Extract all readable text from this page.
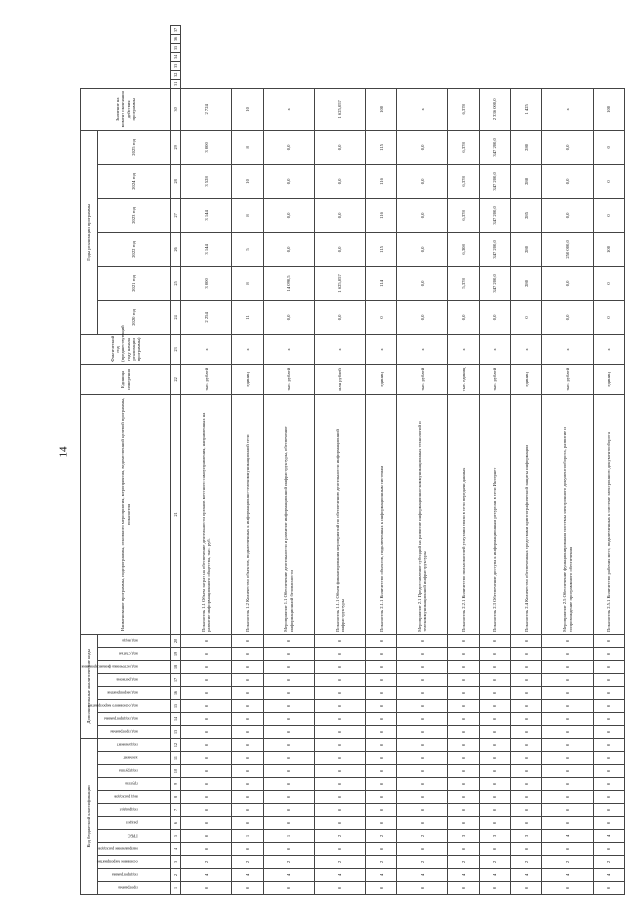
14
Код бюджетной классификации												Дополнительные аналитические коды								Наименование программы, подпрограммы, основного мероприятия, мероприятия, ведомственной целевой программы, показателя	Единица измерения	Фактический год (предшествующий году начала реализации программы)	Годы реализации программы						Значение на момент окончания действия программы							

программа	подпрограмма	основное мероприятие	направление расходов	ГРБС	раздел	подраздел	вид расходов	группа	подгруппа	элемент	подэлемент	код программы	код подпрограммы	код основного мероприятия	код мероприятия	код региона	код источника финансирования	код статьи	код вида				2020 год	2021 год	2022 год	2023 год	2024 год	2025 год								
1	2	3	4	5	6	7	8	9	10	11	12	13	14	15	16	17	18	19	20	21	22	23	24	25	26	27	28	29	30	31	32	33	34	35	36	37
0	4	2	0	0	0	0	0	0	0	0	0	0	0	0	0	0	0	0	0	Показатель 1.1 Объем затрат на обеспечение деятельности органов местного самоуправления, направленных на развитие информационного общества, тыс. руб.	тыс. рублей	х	2 254	3 000	3 144	3 144	3 528	3 000	2 724							
0	4	2	0	1	0	0	0	0	0	0	0	0	0	0	0	0	0	0	0	Показатель 1.2 Количество объектов, подключенных к информационно-телекоммуникационной сети	единиц	х	11	8	5	8	10	8	10							
0	4	2	0	1	0	0	0	0	0	0	0	0	0	0	0	0	0	0	0	Мероприятие 1.1 Обеспечение деятельности и развитие информационной инфраструктуры, обеспечение информационной безопасности	тыс. рублей	х	0,0	14 090,5	0,0	0,0	0,0	0,0	х							
0	4	2	0	2	0	0	0	0	0	0	0	0	0	0	0	0	0	0	0	Показатель 1.1.1 Объем финансирования мероприятий по обеспечению деятельности информационной инфраструктуры	млн рублей	х	0,0	1 625,057	0,0	0,0	0,0	0,0	1 625,057							
0	4	2	0	2	0	0	0	0	0	0	0	0	0	0	0	0	0	0	0	Показатель 2.1.1 Количество объектов, подключенных к информационным системам	единиц	х	0	114	115	116	116	115	100							
0	4	2	0	2	0	0	0	0	0	0	0	0	0	0	0	0	0	0	0	Мероприятие 2.1 Предоставление субсидий на развитие информационно-коммуникационных технологий и телекоммуникационной инфраструктуры	тыс. рублей	х	0,0	0,0	0,0	0,0	0,0	0,0	х							
0	4	2	0	3	0	0	0	0	0	0	0	0	0	0	0	0	0	0	0	Показатель 2.2.1 Количество пользователей услугами связи в сети передачи данных	тыс. единиц	х	0,0	5,378	6,308	6,378	6,378	6,378	6,378							
0	4	2	0	3	0	0	0	0	0	0	0	0	0	0	0	0	0	0	0	Показатель 2.3 Обеспечение доступа к информационным ресурсам в сети Интернет	тыс. рублей	х	0,0	347 200,0	347 200,0	347 200,0	347 200,0	347 200,0	2 336 000,0							
0	4	2	0	3	0	0	0	0	0	0	0	0	0	0	0	0	0	0	0	Показатель 2.4 Количество обеспеченных средствами криптографической защиты информации	единиц	х	0	280	280	285	288	280	1 425							
0	4	2	0	4	0	0	0	0	0	0	0	0	0	0	0	0	0	0	0	Мероприятие 2.5 Обеспечение функционирования системы электронного документооборота, развитие и сопровождение программного обеспечения	тыс. рублей	х	0,0	0,0	250 000,0	0,0	0,0	0,0	х							
0	4	2	0	4	0	0	0	0	0	0	0	0	0	0	0	0	0	0	0	Показатель 2.5.1 Количество рабочих мест, подключенных к системе электронного документооборота	единиц	х	0	0	100	0	0	0	100							
